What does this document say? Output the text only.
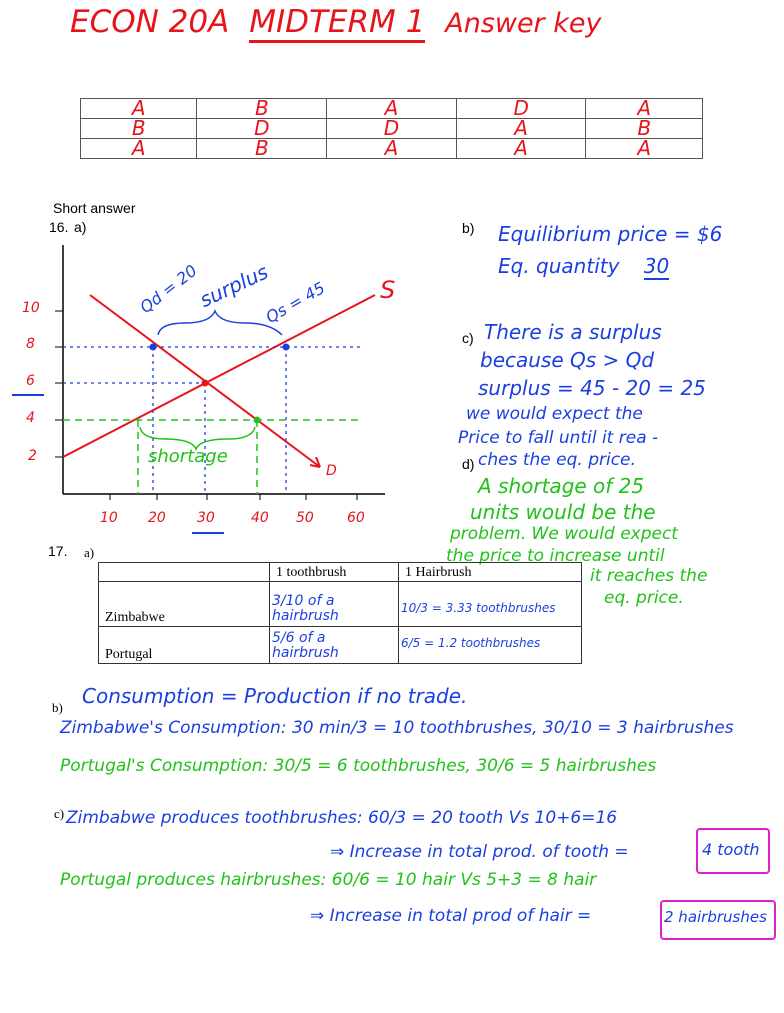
ECON 20A MIDTERM 1 Answer key
A	B	A	D	A
B	D	D	A	B
A	B	A	A	A
Short answer
16. a)
10
8
6
4
2
10 20 30	40 50 60
S
D
Qd = 20	Qs = 45
surplus
shortage
b) Equilibrium price = $6
Eq. quantity 30
c) There is a surplus
because Qs > Qd
surplus = 45 - 20 = 25
we would expect the
Price to fall until it rea -
ches the eq. price.
d)
A shortage of 25
units would be the
problem. We would expect
the price to increase until
it reaches the
eq. price.
17. a)
	1 toothbrush	1 Hairbrush
Zimbabwe	3/10 of a hairbrush	10/3 = 3.33 toothbrushes

Portugal	5/6 of a hairbrush	6/5 = 1.2 toothbrushes
b) Consumption = Production if no trade.
Zimbabwe's Consumption: 30 min/3 = 10 toothbrushes, 30/10 = 3 hairbrushes
Portugal's Consumption: 30/5 = 6 toothbrushes, 30/6 = 5 hairbrushes
c) Zimbabwe produces toothbrushes: 60/3 = 20 tooth Vs 10+6=16
⇒ Increase in total prod. of tooth =	4 tooth
Portugal produces hairbrushes: 60/6 = 10 hair Vs 5+3 = 8 hair
⇒ Increase in total prod of hair =	2 hairbrushes
